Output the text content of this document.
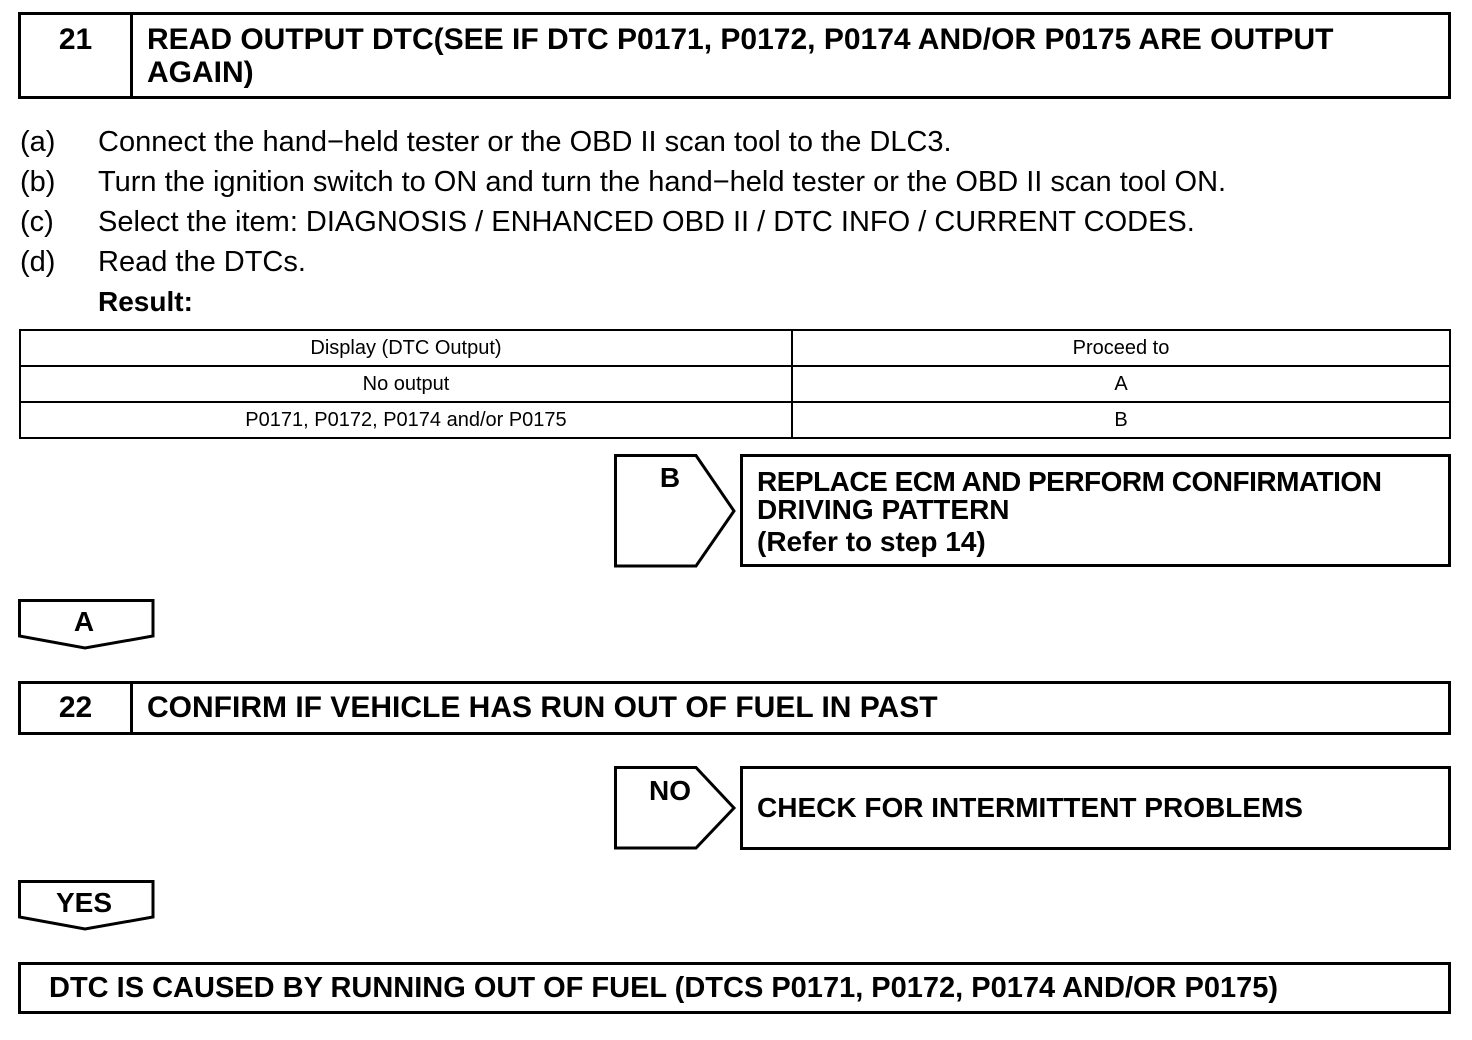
21	READ OUTPUT DTC(SEE IF DTC P0171, P0172, P0174 AND/OR P0175 ARE OUTPUT AGAIN)
(a)	Connect the hand−held tester or the OBD II scan tool to the DLC3.
(b)	Turn the ignition switch to ON and turn the hand−held tester or the OBD II scan tool ON.
(c)	Select the item: DIAGNOSIS / ENHANCED OBD II / DTC INFO / CURRENT CODES.
(d)	Read the DTCs.
Result:
Display (DTC Output)	Proceed to
No output	A
P0171, P0172, P0174 and/or P0175	B
B	REPLACE ECM AND PERFORM CONFIRMATION
DRIVING PATTERN
(Refer to step 14)
A
22	CONFIRM IF VEHICLE HAS RUN OUT OF FUEL IN PAST
NO
CHECK FOR INTERMITTENT PROBLEMS
YES
DTC IS CAUSED BY RUNNING OUT OF FUEL (DTCS P0171, P0172, P0174 AND/OR P0175)
